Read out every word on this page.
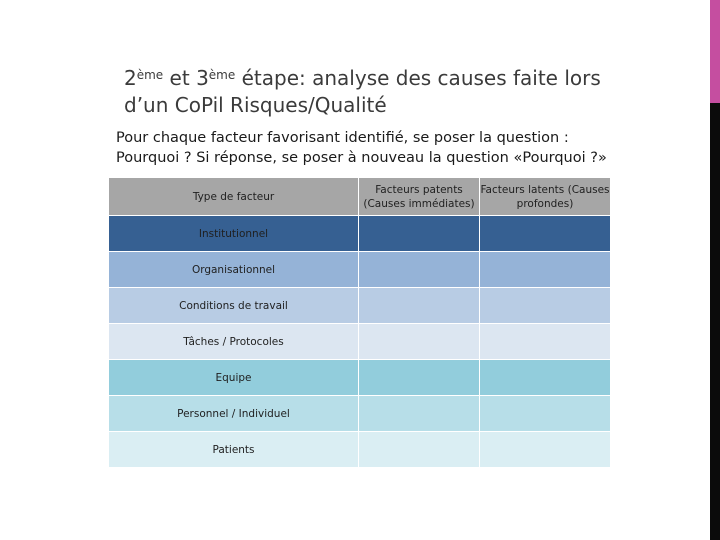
2ème et 3ème étape: analyse des causes faite lors
d’un CoPil Risques/Qualité
Pour chaque facteur favorisant identifié, se poser la question :
Pourquoi ? Si réponse, se poser à nouveau la question «Pourquoi ?»
Type de facteur	Facteurs patents (Causes immédiates)	Facteurs latents (Causes profondes)
Institutionnel		
Organisationnel		
Conditions de travail		
Tâches / Protocoles		
Equipe		
Personnel / Individuel		
Patients		
